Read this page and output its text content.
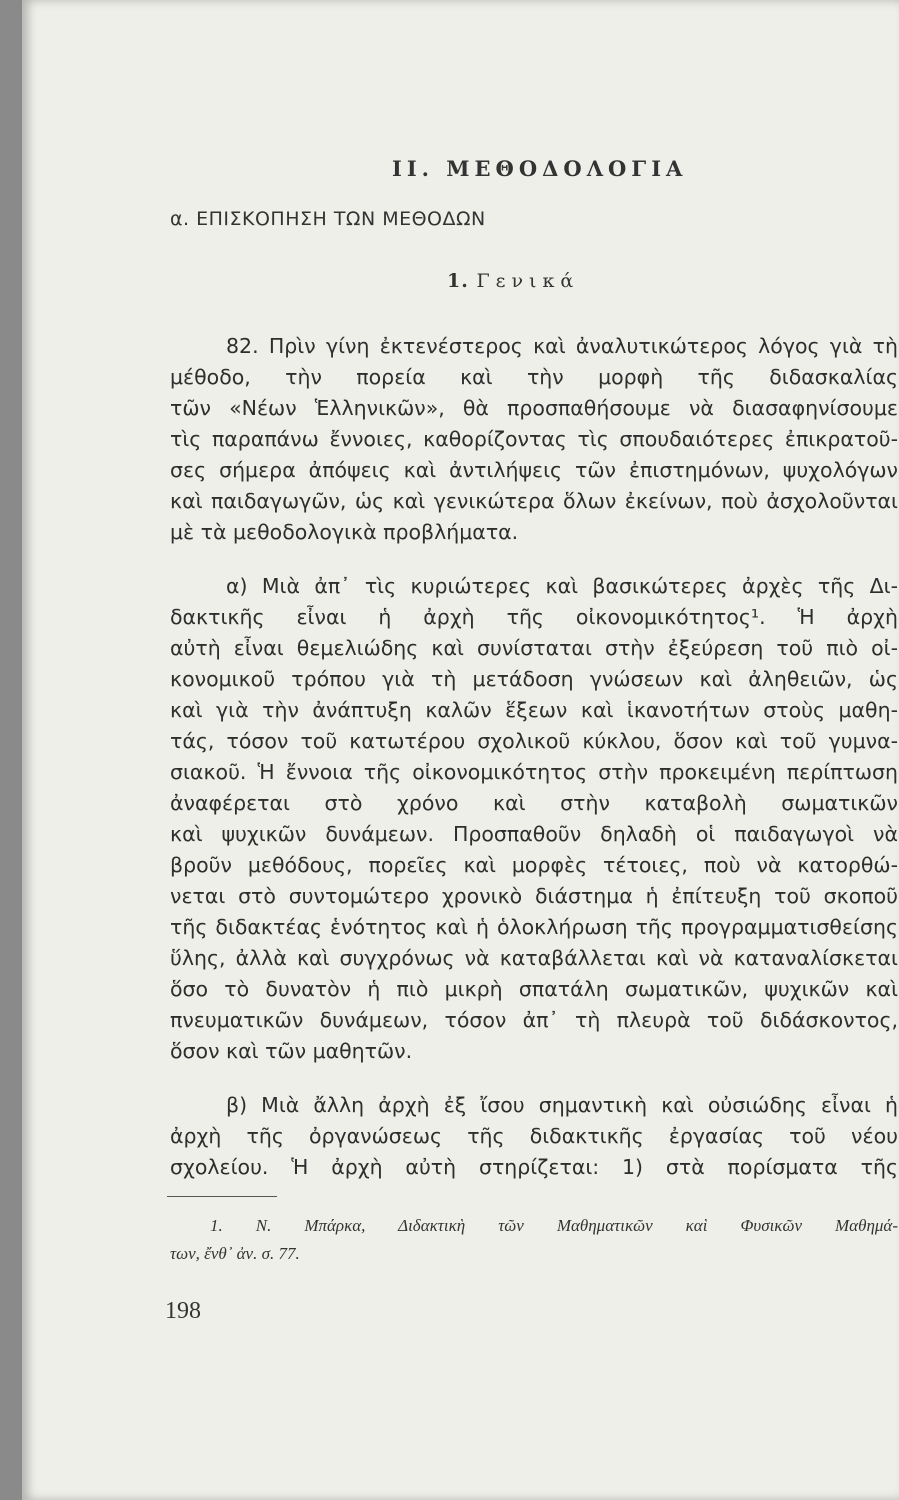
II. ΜΕΘΟΔΟΛΟΓΙΑ
α. ΕΠΙΣΚΟΠΗΣΗ ΤΩΝ ΜΕΘΟΔΩΝ
1. Γενικά
82. Πρὶν γίνη ἐκτενέστερος καὶ ἀναλυτικώτερος λόγος γιὰ τὴ
μέθοδο, τὴν πορεία καὶ τὴν μορφὴ τῆς διδασκαλίας
τῶν «Νέων Ἑλληνικῶν», θὰ προσπαθήσουμε νὰ διασαφηνίσουμε
τὶς παραπάνω ἔννοιες, καθορίζοντας τὶς σπουδαιότερες ἐπικρατοῦ-
σες σήμερα ἀπόψεις καὶ ἀντιλήψεις τῶν ἐπιστημόνων, ψυχολόγων
καὶ παιδαγωγῶν, ὡς καὶ γενικώτερα ὅλων ἐκείνων, ποὺ ἀσχολοῦνται
μὲ τὰ μεθοδολογικὰ προβλήματα.
α) Μιὰ ἀπ᾽ τὶς κυριώτερες καὶ βασικώτερες ἀρχὲς τῆς Δι-
δακτικῆς εἶναι ἡ ἀρχὴ τῆς οἰκονομικότητος¹. Ἡ ἀρχὴ
αὐτὴ εἶναι θεμελιώδης καὶ συνίσταται στὴν ἐξεύρεση τοῦ πιὸ οἰ-
κονομικοῦ τρόπου γιὰ τὴ μετάδοση γνώσεων καὶ ἀληθειῶν, ὡς
καὶ γιὰ τὴν ἀνάπτυξη καλῶν ἕξεων καὶ ἱκανοτήτων στοὺς μαθη-
τάς, τόσον τοῦ κατωτέρου σχολικοῦ κύκλου, ὅσον καὶ τοῦ γυμνα-
σιακοῦ. Ἡ ἔννοια τῆς οἰκονομικότητος στὴν προκειμένη περίπτωση
ἀναφέρεται στὸ χρόνο καὶ στὴν καταβολὴ σωματικῶν
καὶ ψυχικῶν δυνάμεων. Προσπαθοῦν δηλαδὴ οἱ παιδαγωγοὶ νὰ
βροῦν μεθόδους, πορεῖες καὶ μορφὲς τέτοιες, ποὺ νὰ κατορθώ-
νεται στὸ συντομώτερο χρονικὸ διάστημα ἡ ἐπίτευξη τοῦ σκοποῦ
τῆς διδακτέας ἑνότητος καὶ ἡ ὁλοκλήρωση τῆς προγραμματισθείσης
ὕλης, ἀλλὰ καὶ συγχρόνως νὰ καταβάλλεται καὶ νὰ καταναλίσκεται
ὅσο τὸ δυνατὸν ἡ πιὸ μικρὴ σπατάλη σωματικῶν, ψυχικῶν καὶ
πνευματικῶν δυνάμεων, τόσον ἀπ᾽ τὴ πλευρὰ τοῦ διδάσκοντος,
ὅσον καὶ τῶν μαθητῶν.
β) Μιὰ ἄλλη ἀρχὴ ἐξ ἴσου σημαντικὴ καὶ οὐσιώδης εἶναι ἡ
ἀρχὴ τῆς ὀργανώσεως τῆς διδακτικῆς ἐργασίας τοῦ νέου
σχολείου. Ἡ ἀρχὴ αὐτὴ στηρίζεται: 1) στὰ πορίσματα τῆς
1. Ν. Μπάρκα, Διδακτικὴ τῶν Μαθηματικῶν καὶ Φυσικῶν Μαθημά-
των, ἔνθ᾽ ἀν. σ. 77.
198
